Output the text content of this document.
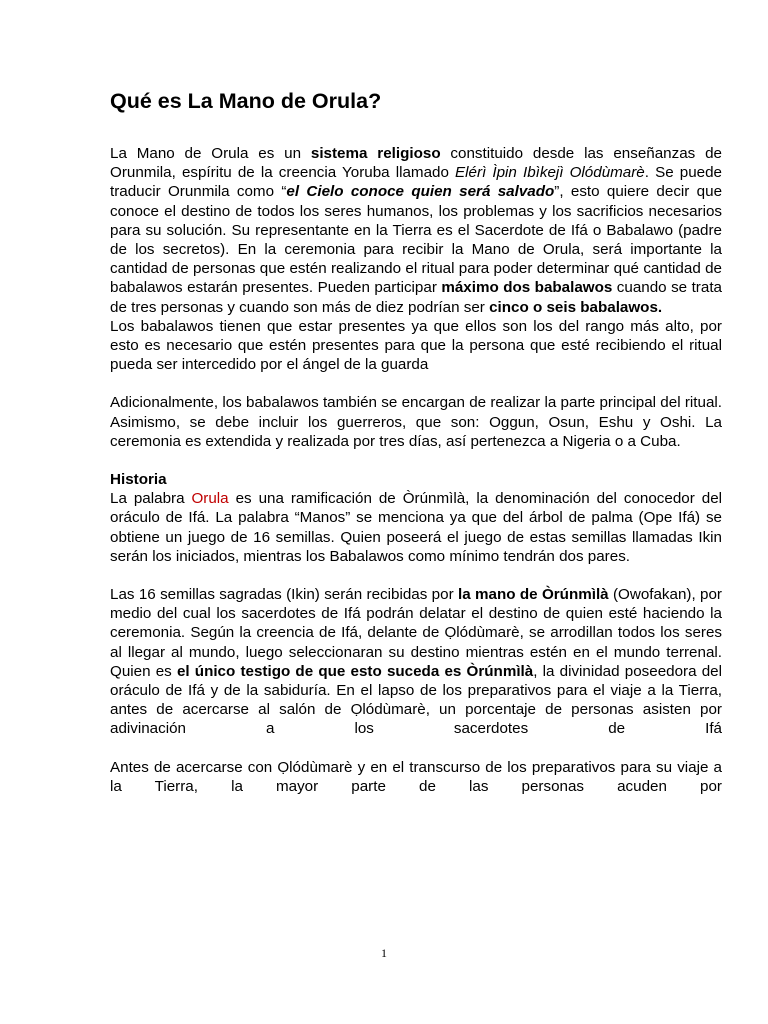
Qué es La Mano de Orula?

La Mano de Orula es un sistema religioso constituido desde las enseñanzas de Orunmila, espíritu de la creencia Yoruba llamado Elérì Ìpin Ibìkejì Olódùmarè. Se puede traducir Orunmila como “el Cielo conoce quien será salvado”, esto quiere decir que conoce el destino de todos los seres humanos, los problemas y los sacrificios necesarios para su solución. Su representante en la Tierra es el Sacerdote de Ifá o Babalawo (padre de los secretos). En la ceremonia para recibir la Mano de Orula, será importante la cantidad de personas que estén realizando el ritual para poder determinar qué cantidad de babalawos estarán presentes. Pueden participar máximo dos babalawos cuando se trata de tres personas y cuando son más de diez podrían ser cinco o seis babalawos.
Los babalawos tienen que estar presentes ya que ellos son los del rango más alto, por esto es necesario que estén presentes para que la persona que esté recibiendo el ritual pueda ser intercedido por el ángel de la guarda

Adicionalmente, los babalawos también se encargan de realizar la parte principal del ritual. Asimismo, se debe incluir los guerreros, que son: Oggun, Osun, Eshu y Oshi. La ceremonia es extendida y realizada por tres días, así pertenezca a Nigeria o a Cuba.

Historia

La palabra Orula es una ramificación de Òrúnmìlà, la denominación del conocedor del oráculo de Ifá. La palabra “Manos” se menciona ya que del árbol de palma (Ope Ifá) se obtiene un juego de 16 semillas. Quien poseerá el juego de estas semillas llamadas Ikin serán los iniciados, mientras los Babalawos como mínimo tendrán dos pares.

Las 16 semillas sagradas (Ikin) serán recibidas por la mano de Òrúnmìlà (Owofakan), por medio del cual los sacerdotes de Ifá podrán delatar el destino de quien esté haciendo la ceremonia. Según la creencia de Ifá, delante de Ọlódùmarè, se arrodillan todos los seres al llegar al mundo, luego seleccionaran su destino mientras estén en el mundo terrenal. Quien es el único testigo de que esto suceda es Òrúnmìlà, la divinidad poseedora del oráculo de Ifá y de la sabiduría. En el lapso de los preparativos para el viaje a la Tierra, antes de acercarse al salón de Ọlódùmarè, un porcentaje de personas asisten por adivinación a los sacerdotes de Ifá

Antes de acercarse con Ọlódùmarè y en el transcurso de los preparativos para su viaje a la Tierra, la mayor parte de las personas acuden por

1
